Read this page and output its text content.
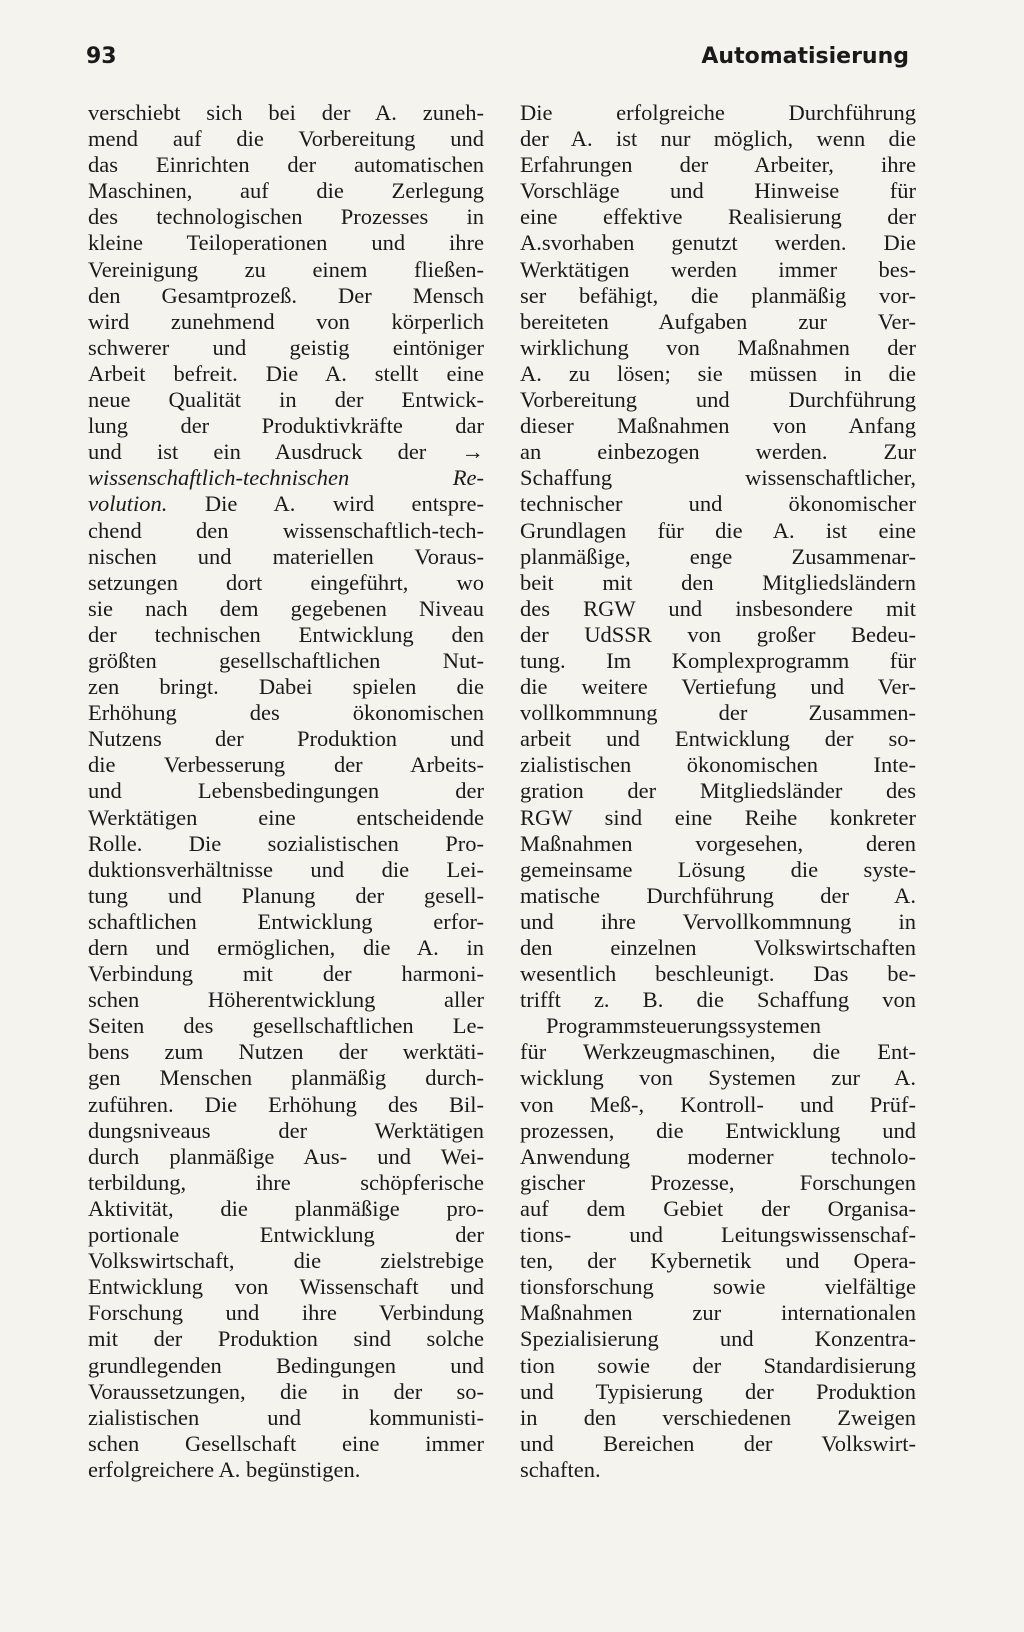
93	Automatisierung
verschiebt sich bei der A. zuneh-
mend auf die Vorbereitung und
das Einrichten der automatischen
Maschinen, auf die Zerlegung
des technologischen Prozesses in
kleine Teiloperationen und ihre
Vereinigung zu einem fließen-
den Gesamtprozeß. Der Mensch
wird zunehmend von körperlich
schwerer und geistig eintöniger
Arbeit befreit. Die A. stellt eine
neue Qualität in der Entwick-
lung der Produktivkräfte dar
und ist ein Ausdruck der →
wissenschaftlich-technischen Re-
volution. Die A. wird entspre-
chend den wissenschaftlich-tech-
nischen und materiellen Voraus-
setzungen dort eingeführt, wo
sie nach dem gegebenen Niveau
der technischen Entwicklung den
größten gesellschaftlichen Nut-
zen bringt. Dabei spielen die
Erhöhung des ökonomischen
Nutzens der Produktion und
die Verbesserung der Arbeits-
und Lebensbedingungen der
Werktätigen eine entscheidende
Rolle. Die sozialistischen Pro-
duktionsverhältnisse und die Lei-
tung und Planung der gesell-
schaftlichen Entwicklung erfor-
dern und ermöglichen, die A. in
Verbindung mit der harmoni-
schen Höherentwicklung aller
Seiten des gesellschaftlichen Le-
bens zum Nutzen der werktäti-
gen Menschen planmäßig durch-
zuführen. Die Erhöhung des Bil-
dungsniveaus der Werktätigen
durch planmäßige Aus- und Wei-
terbildung, ihre schöpferische
Aktivität, die planmäßige pro-
portionale Entwicklung der
Volkswirtschaft, die zielstrebige
Entwicklung von Wissenschaft und
Forschung und ihre Verbindung
mit der Produktion sind solche
grundlegenden Bedingungen und
Voraussetzungen, die in der so-
zialistischen und kommunisti-
schen Gesellschaft eine immer
erfolgreichere A. begünstigen.
Die erfolgreiche Durchführung
der A. ist nur möglich, wenn die
Erfahrungen der Arbeiter, ihre
Vorschläge und Hinweise für
eine effektive Realisierung der
A.svorhaben genutzt werden. Die
Werktätigen werden immer bes-
ser befähigt, die planmäßig vor-
bereiteten Aufgaben zur Ver-
wirklichung von Maßnahmen der
A. zu lösen; sie müssen in die
Vorbereitung und Durchführung
dieser Maßnahmen von Anfang
an einbezogen werden. Zur
Schaffung wissenschaftlicher,
technischer und ökonomischer
Grundlagen für die A. ist eine
planmäßige, enge Zusammenar-
beit mit den Mitgliedsländern
des RGW und insbesondere mit
der UdSSR von großer Bedeu-
tung. Im Komplexprogramm für
die weitere Vertiefung und Ver-
vollkommnung der Zusammen-
arbeit und Entwicklung der so-
zialistischen ökonomischen Inte-
gration der Mitgliedsländer des
RGW sind eine Reihe konkreter
Maßnahmen vorgesehen, deren
gemeinsame Lösung die syste-
matische Durchführung der A.
und ihre Vervollkommnung in
den einzelnen Volkswirtschaften
wesentlich beschleunigt. Das be-
trifft z. B. die Schaffung von
Programmsteuerungssystemen
für Werkzeugmaschinen, die Ent-
wicklung von Systemen zur A.
von Meß-, Kontroll- und Prüf-
prozessen, die Entwicklung und
Anwendung moderner technolo-
gischer Prozesse, Forschungen
auf dem Gebiet der Organisa-
tions- und Leitungswissenschaf-
ten, der Kybernetik und Opera-
tionsforschung sowie vielfältige
Maßnahmen zur internationalen
Spezialisierung und Konzentra-
tion sowie der Standardisierung
und Typisierung der Produktion
in den verschiedenen Zweigen
und Bereichen der Volkswirt-
schaften.
